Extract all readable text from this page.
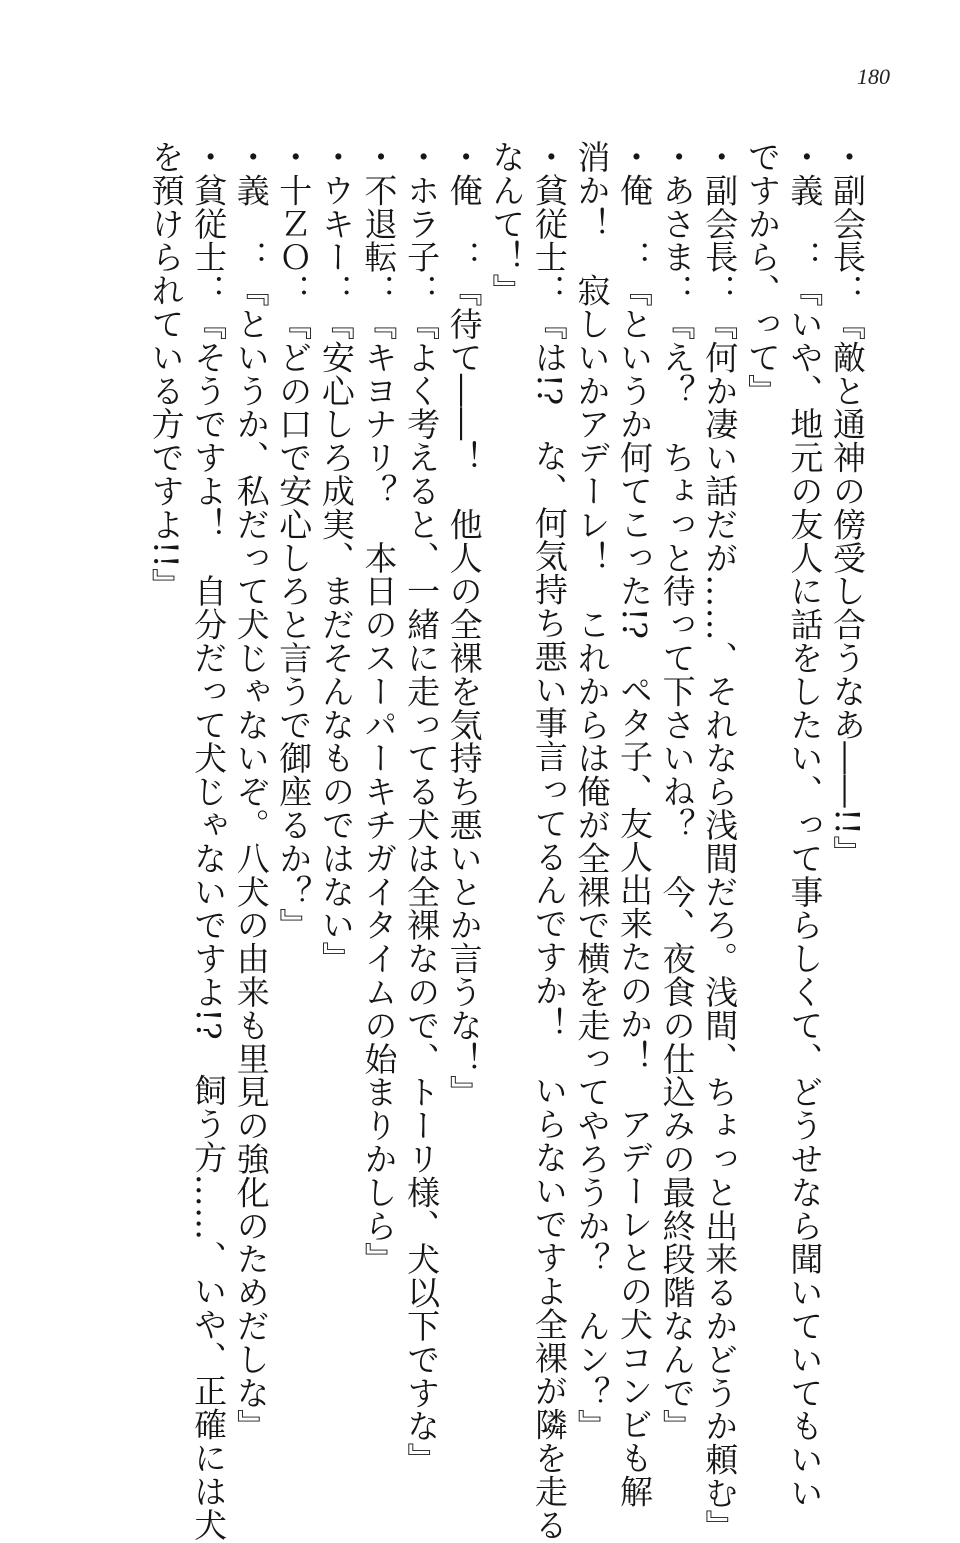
180

・副会長：『敵と通神の傍受し合うなあ――!!』

・義　：『いや、地元の友人に話をしたい、って事らしくて、どうせなら聞いていてもいい

ですから、って』

・副会長：『何か凄い話だが……、それなら浅間だろ。浅間、ちょっと出来るかどうか頼む』

・あさま：『え？　ちょっと待って下さいね？　今、夜食の仕込みの最終段階なんで』

・俺　：『というか何てこった!?　ペタ子、友人出来たのか！　アデーレとの犬コンビも解

消か！　寂しいかアデーレ！　これからは俺が全裸で横を走ってやろうか？　んン？』

・貧従士：『は!?　な、何気持ち悪い事言ってるんですか！　いらないですよ全裸が隣を走る

なんて！』

・俺　：『待て――！　他人の全裸を気持ち悪いとか言うな！』

・ホラ子：『よく考えると、一緒に走ってる犬は全裸なので、トーリ様、犬以下ですな』

・不退転：『キヨナリ？　本日のスーパーキチガイタイムの始まりかしら』

・ウキー：『安心しろ成実、まだそんなものではない』

・十ＺＯ：『どの口で安心しろと言うで御座るか？』

・義　：『というか、私だって犬じゃないぞ。八犬の由来も里見の強化のためだしな』

・貧従士：『そうですよ！　自分だって犬じゃないですよ!?　飼う方……、いや、正確には犬

を預けられている方ですよ!!』
